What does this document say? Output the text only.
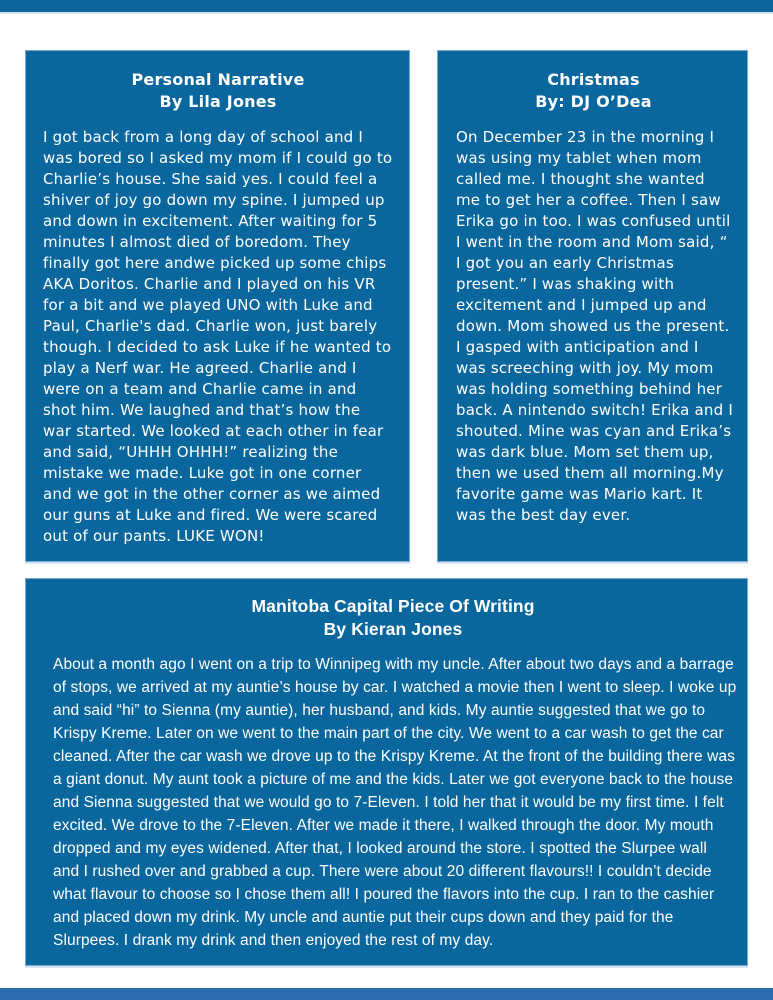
Personal Narrative
By Lila Jones

I got back from a long day of school and I was bored so I asked my mom if I could go to Charlie’s house. She said yes. I could feel a shiver of joy go down my spine. I jumped up and down in excitement. After waiting for 5 minutes I almost died of boredom. They finally got here andwe picked up some chips AKA Doritos. Charlie and I played on his VR for a bit and we played UNO with Luke and Paul, Charlie's dad. Charlie won, just barely though. I decided to ask Luke if he wanted to play a Nerf war. He agreed. Charlie and I were on a team and Charlie came in and shot him. We laughed and that’s how the war started. We looked at each other in fear and said, “UHHH OHHH!” realizing the mistake we made. Luke got in one corner and we got in the other corner as we aimed our guns at Luke and fired. We were scared out of our pants. LUKE WON!

Christmas
By: DJ O’Dea

On December 23 in the morning I was using my tablet when mom called me. I thought she wanted me to get her a coffee. Then I saw Erika go in too. I was confused until I went in the room and Mom said, “ I got you an early Christmas present.” I was shaking with excitement and I jumped up and down. Mom showed us the present. I gasped with anticipation and I was screeching with joy. My mom was holding something behind her back. A nintendo switch! Erika and I shouted. Mine was cyan and Erika’s was dark blue. Mom set them up, then we used them all morning.My favorite game was Mario kart. It was the best day ever.

Manitoba Capital Piece Of Writing
By Kieran Jones

About a month ago I went on a trip to Winnipeg with my uncle. After about two days and a barrage of stops, we arrived at my auntie’s house by car. I watched a movie then I went to sleep. I woke up and said “hi” to Sienna (my auntie), her husband, and kids. My auntie suggested that we go to Krispy Kreme. Later on we went to the main part of the city. We went to a car wash to get the car cleaned. After the car wash we drove up to the Krispy Kreme. At the front of the building there was a giant donut. My aunt took a picture of me and the kids. Later we got everyone back to the house and Sienna suggested that we would go to 7-Eleven. I told her that it would be my first time. I felt excited. We drove to the 7-Eleven. After we made it there, I walked through the door. My mouth dropped and my eyes widened. After that, I looked around the store. I spotted the Slurpee wall and I rushed over and grabbed a cup. There were about 20 different flavours!! I couldn’t decide what flavour to choose so I chose them all! I poured the flavors into the cup. I ran to the cashier and placed down my drink. My uncle and auntie put their cups down and they paid for the Slurpees. I drank my drink and then enjoyed the rest of my day.
